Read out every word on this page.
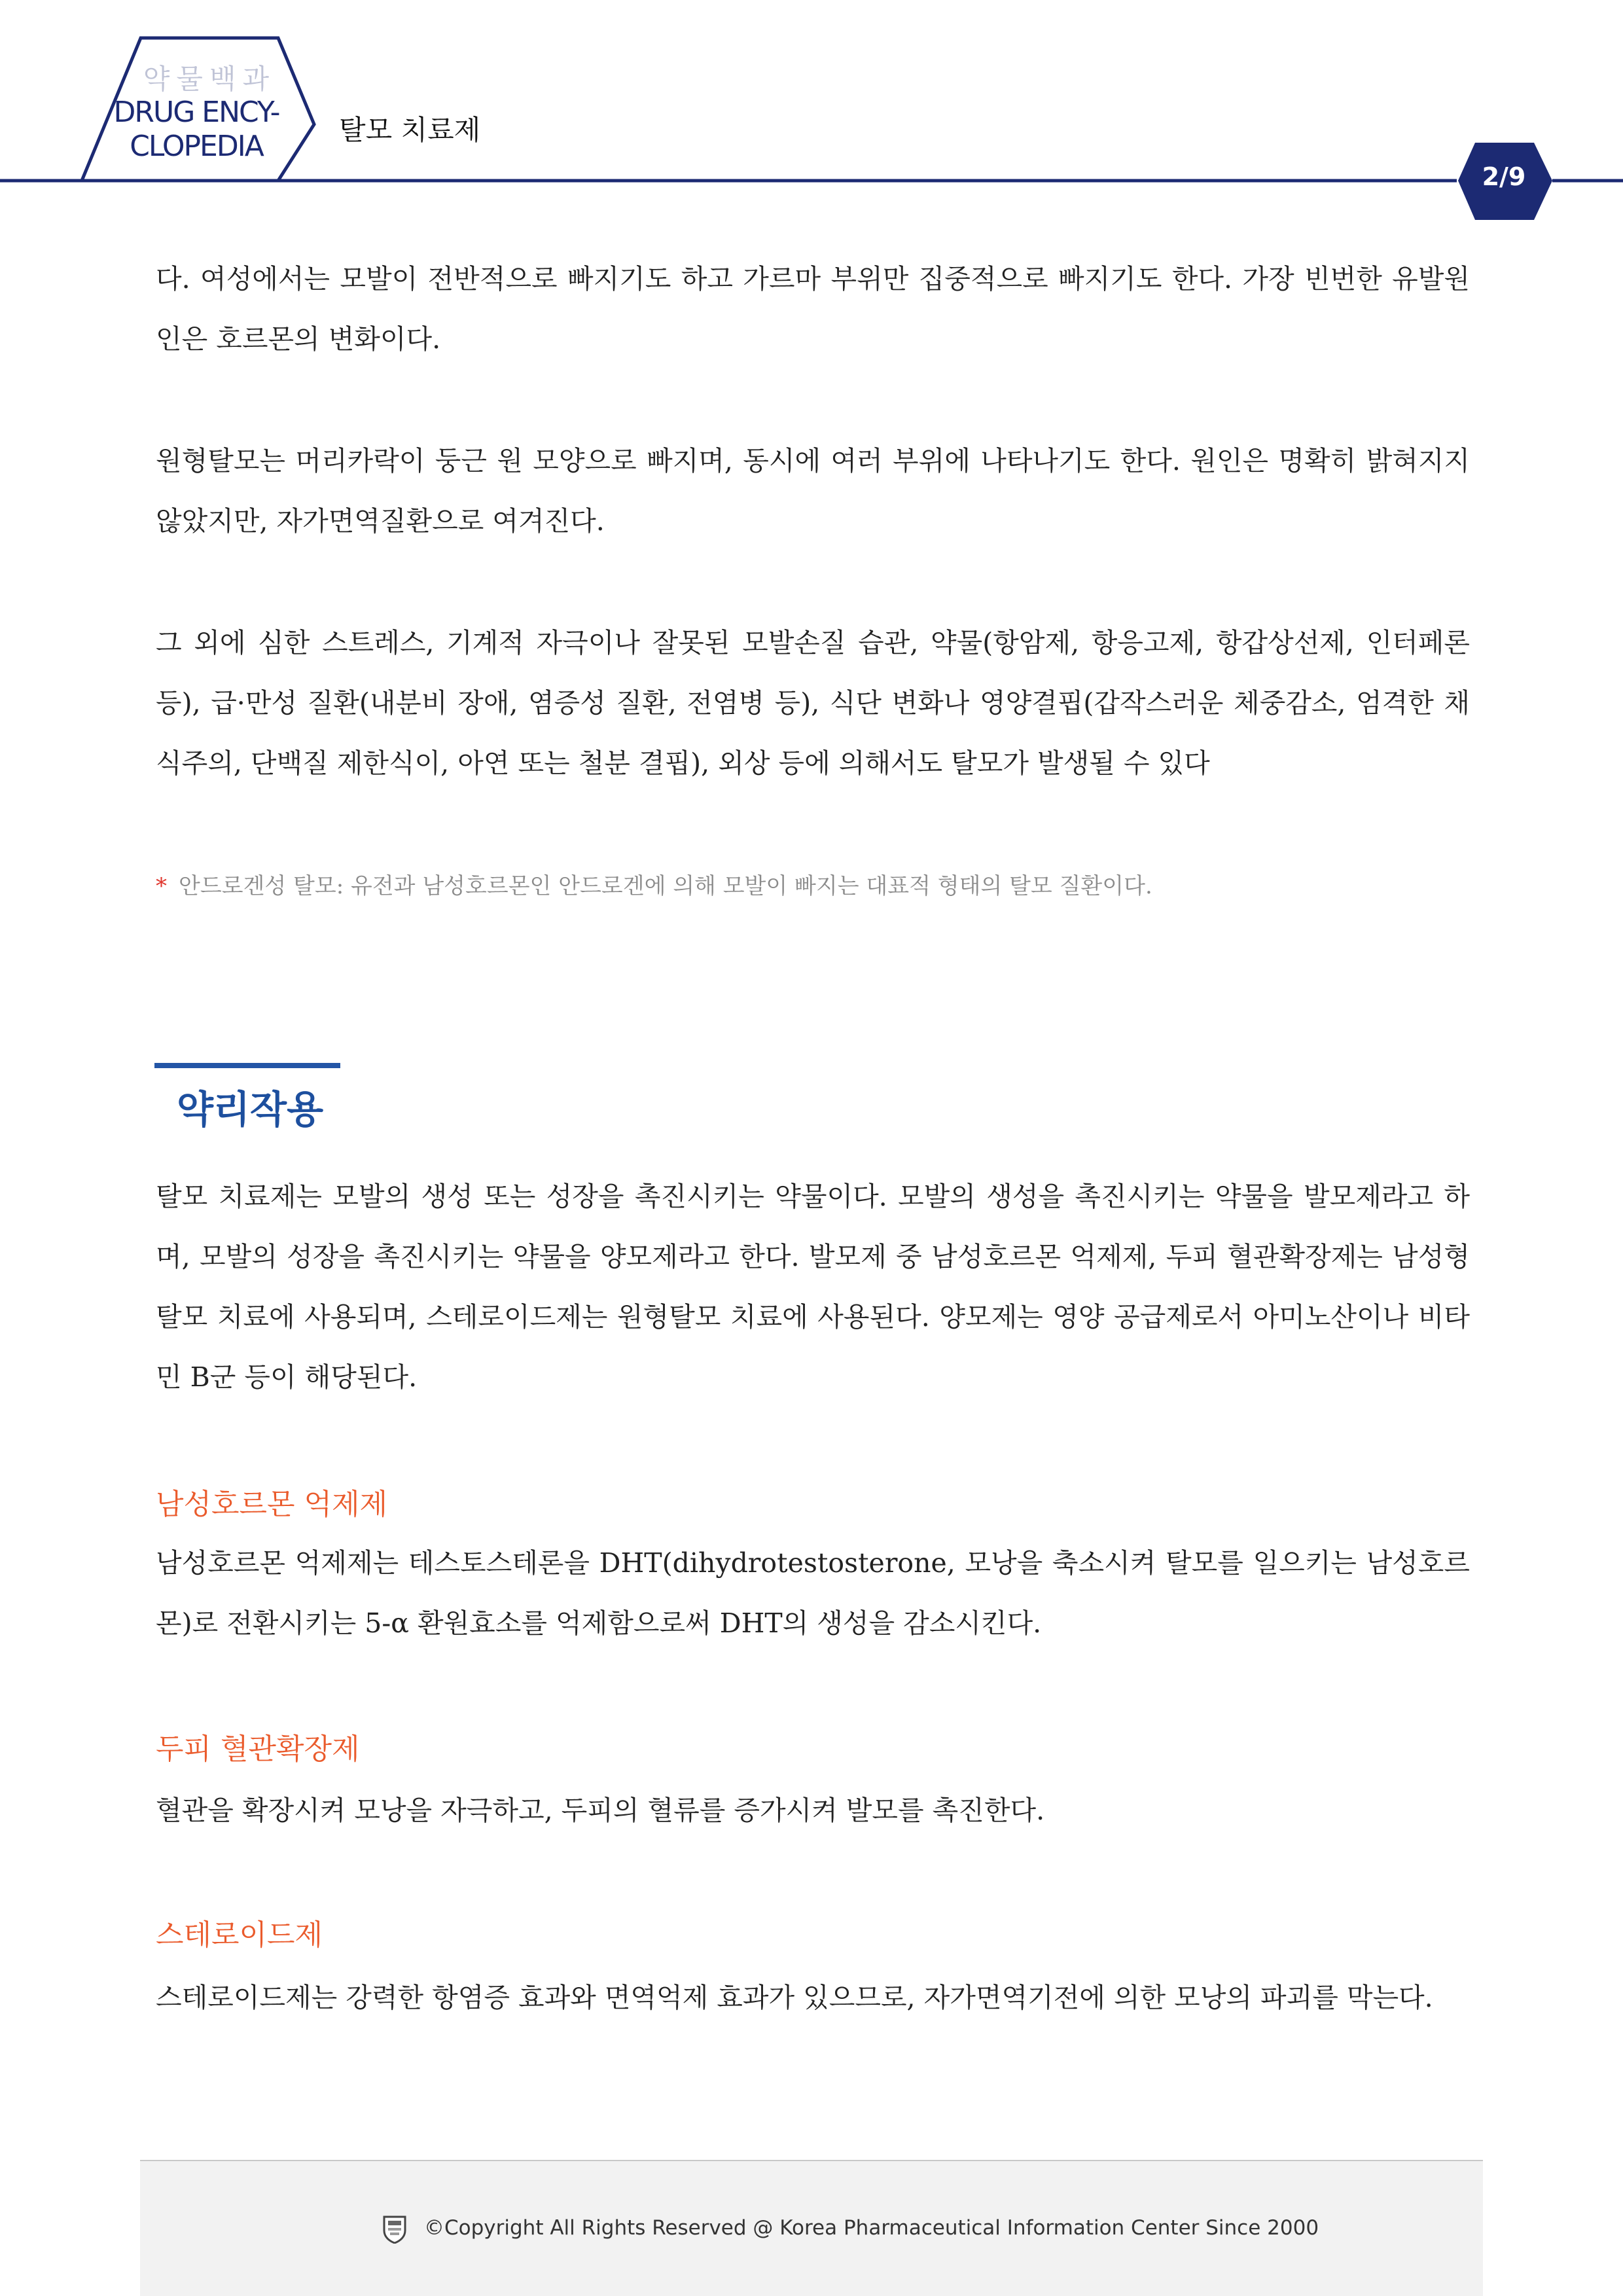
약물백과
DRUG ENCY-
CLOPEDIA	탈모 치료제
2/9

다. 여성에서는 모발이 전반적으로 빠지기도 하고 가르마 부위만 집중적으로 빠지기도 한다. 가장 빈번한 유발원인은 호르몬의 변화이다.

원형탈모는 머리카락이 둥근 원 모양으로 빠지며, 동시에 여러 부위에 나타나기도 한다. 원인은 명확히 밝혀지지 않았지만, 자가면역질환으로 여겨진다.

그 외에 심한 스트레스, 기계적 자극이나 잘못된 모발손질 습관, 약물(항암제, 항응고제, 항갑상선제, 인터페론 등), 급·만성 질환(내분비 장애, 염증성 질환, 전염병 등), 식단 변화나 영양결핍(갑작스러운 체중감소, 엄격한 채식주의, 단백질 제한식이, 아연 또는 철분 결핍), 외상 등에 의해서도 탈모가 발생될 수 있다

* 안드로겐성 탈모: 유전과 남성호르몬인 안드로겐에 의해 모발이 빠지는 대표적 형태의 탈모 질환이다.
약리작용

탈모 치료제는 모발의 생성 또는 성장을 촉진시키는 약물이다. 모발의 생성을 촉진시키는 약물을 발모제라고 하며, 모발의 성장을 촉진시키는 약물을 양모제라고 한다. 발모제 중 남성호르몬 억제제, 두피 혈관확장제는 남성형 탈모 치료에 사용되며, 스테로이드제는 원형탈모 치료에 사용된다. 양모제는 영양 공급제로서 아미노산이나 비타민 B군 등이 해당된다.

남성호르몬 억제제

남성호르몬 억제제는 테스토스테론을 DHT(dihydrotestosterone, 모낭을 축소시켜 탈모를 일으키는 남성호르몬)로 전환시키는 5-α 환원효소를 억제함으로써 DHT의 생성을 감소시킨다.

두피 혈관확장제

혈관을 확장시켜 모낭을 자극하고, 두피의 혈류를 증가시켜 발모를 촉진한다.

스테로이드제

스테로이드제는 강력한 항염증 효과와 면역억제 효과가 있으므로, 자가면역기전에 의한 모낭의 파괴를 막는다.

©Copyright All Rights Reserved @ Korea Pharmaceutical Information Center Since 2000
